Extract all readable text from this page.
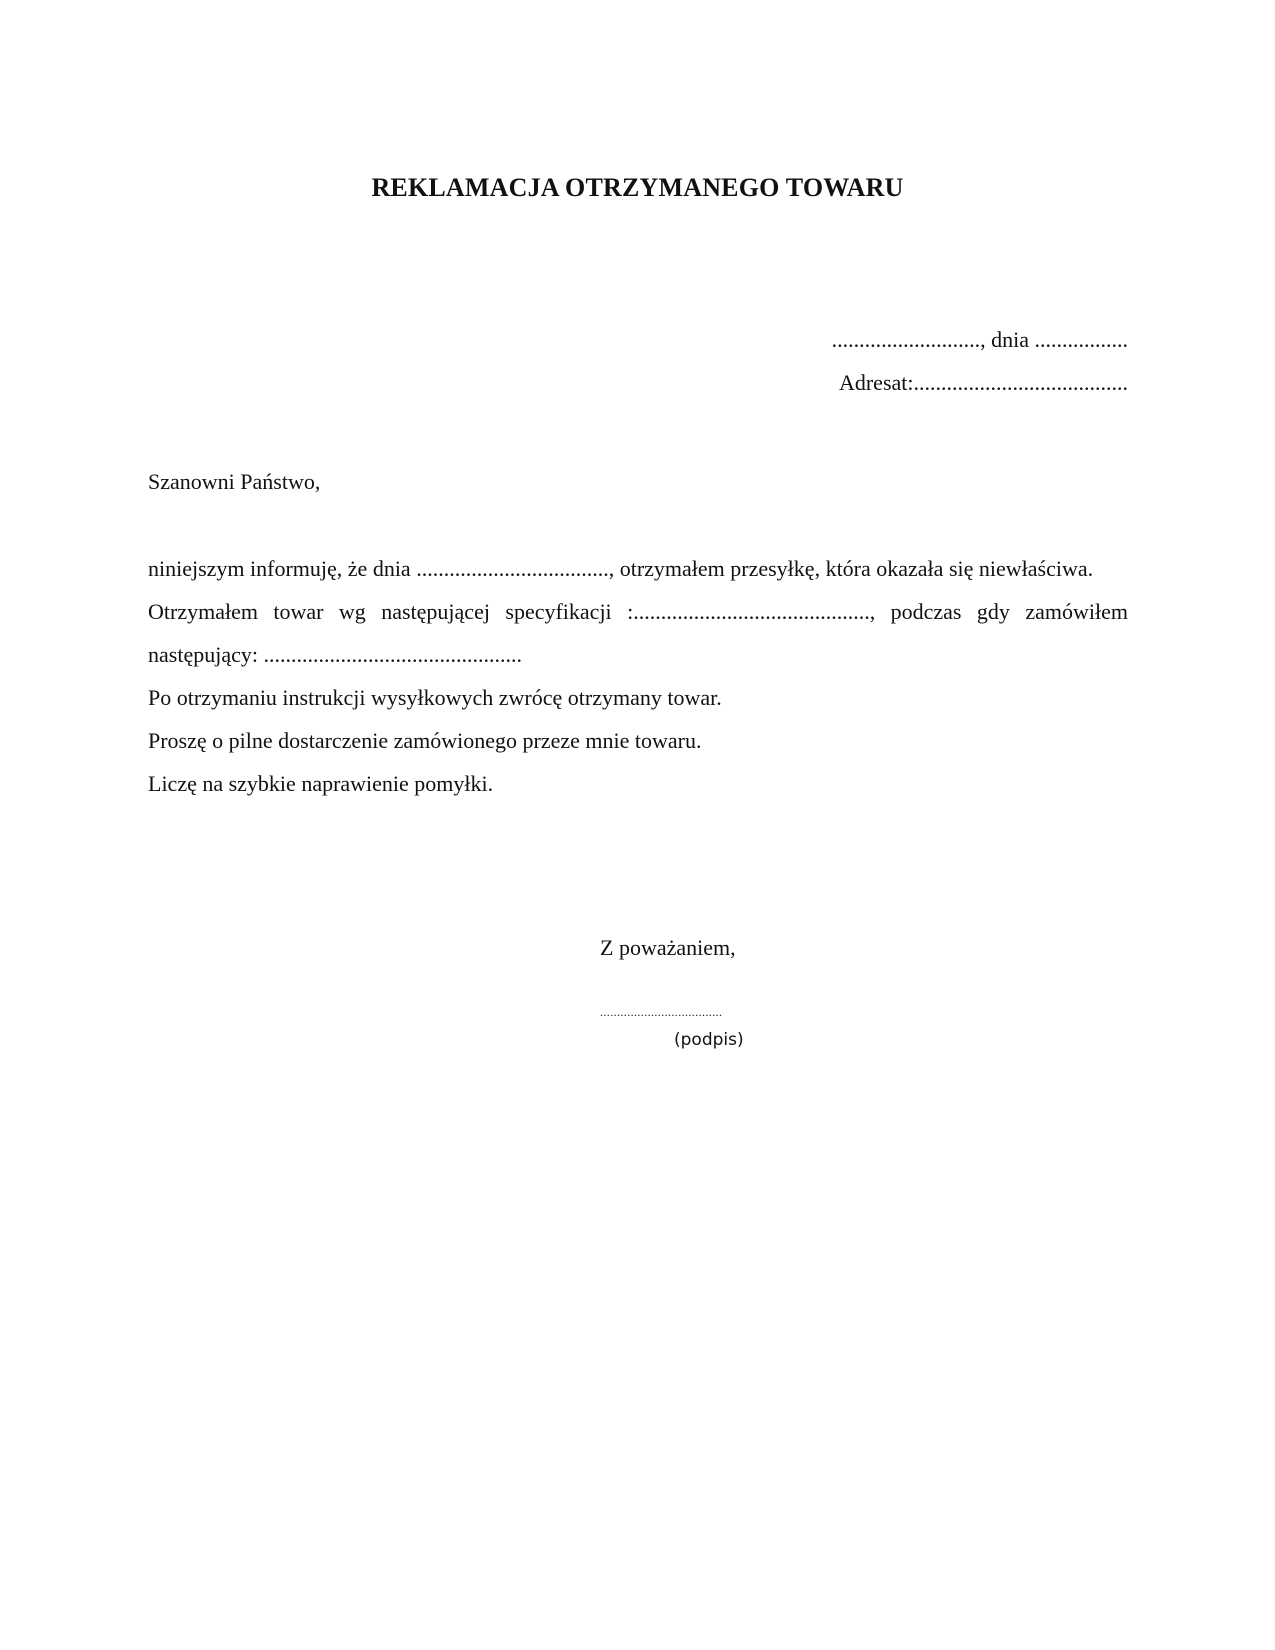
REKLAMACJA OTRZYMANEGO TOWARU
..........................., dnia .................
Adresat:.......................................

Szanowni Państwo,

niniejszym informuję, że dnia ..................................., otrzymałem przesyłkę, która okazała się niewłaściwa.

Otrzymałem towar wg następującej specyfikacji :..........................................., podczas gdy zamówiłem następujący: ...............................................

Po otrzymaniu instrukcji wysyłkowych zwrócę otrzymany towar.

Proszę o pilne dostarczenie zamówionego przeze mnie towaru.

Liczę na szybkie naprawienie pomyłki.

Z poważaniem,

....................................
(podpis)
